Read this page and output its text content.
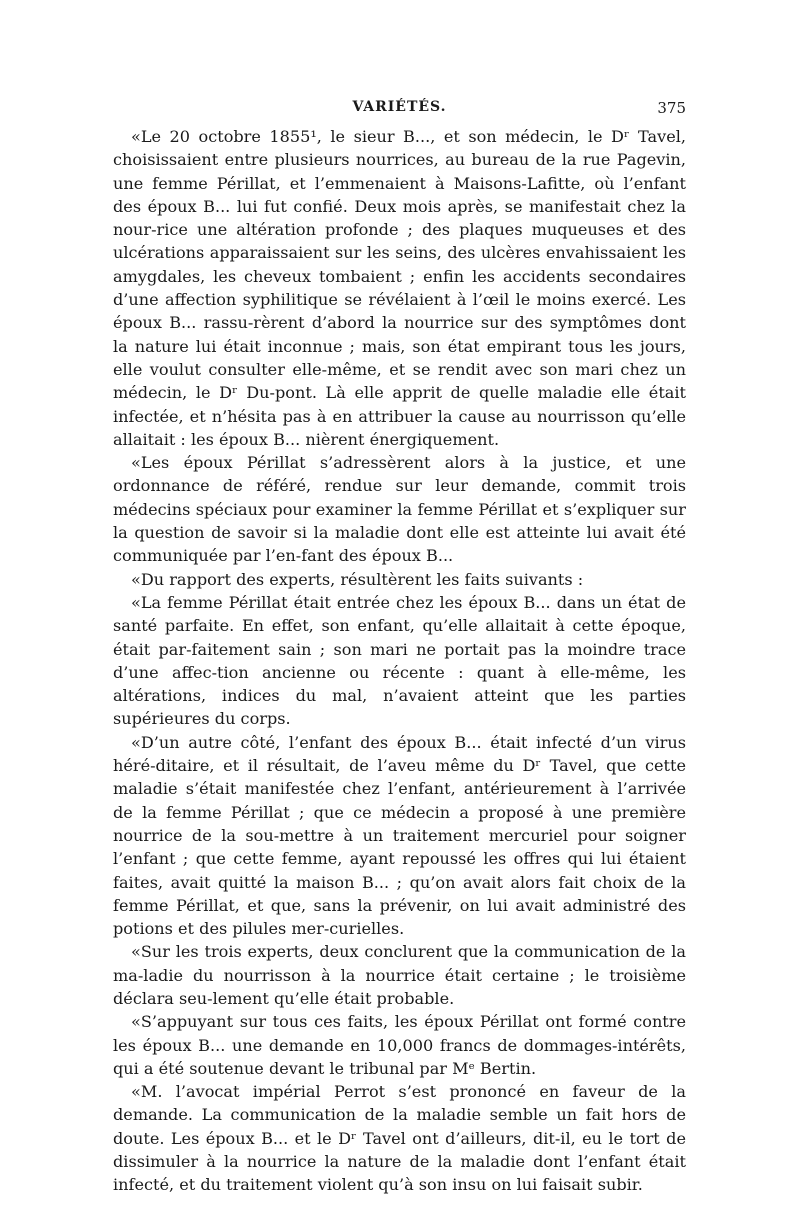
VARIÉTÉS.	375

«Le 20 octobre 1855¹, le sieur B..., et son médecin, le Dʳ Tavel, choisissaient entre plusieurs nourrices, au bureau de la rue Pagevin, une femme Périllat, et l’emmenaient à Maisons-Lafitte, où l’enfant des époux B... lui fut confié. Deux mois après, se manifestait chez la nour-rice une altération profonde ; des plaques muqueuses et des ulcérations apparaissaient sur les seins, des ulcères envahissaient les amygdales, les cheveux tombaient ; enfin les accidents secondaires d’une affection syphilitique se révélaient à l’œil le moins exercé. Les époux B... rassu-rèrent d’abord la nourrice sur des symptômes dont la nature lui était inconnue ; mais, son état empirant tous les jours, elle voulut consulter elle-même, et se rendit avec son mari chez un médecin, le Dʳ Du-pont. Là elle apprit de quelle maladie elle était infectée, et n’hésita pas à en attribuer la cause au nourrisson qu’elle allaitait : les époux B... nièrent énergiquement.

«Les époux Périllat s’adressèrent alors à la justice, et une ordonnance de référé, rendue sur leur demande, commit trois médecins spéciaux pour examiner la femme Périllat et s’expliquer sur la question de savoir si la maladie dont elle est atteinte lui avait été communiquée par l’en-fant des époux B...

«Du rapport des experts, résultèrent les faits suivants :

«La femme Périllat était entrée chez les époux B... dans un état de santé parfaite. En effet, son enfant, qu’elle allaitait à cette époque, était par-faitement sain ; son mari ne portait pas la moindre trace d’une affec-tion ancienne ou récente : quant à elle-même, les altérations, indices du mal, n’avaient atteint que les parties supérieures du corps.

«D’un autre côté, l’enfant des époux B... était infecté d’un virus héré-ditaire, et il résultait, de l’aveu même du Dʳ Tavel, que cette maladie s’était manifestée chez l’enfant, antérieurement à l’arrivée de la femme Périllat ; que ce médecin a proposé à une première nourrice de la sou-mettre à un traitement mercuriel pour soigner l’enfant ; que cette femme, ayant repoussé les offres qui lui étaient faites, avait quitté la maison B... ; qu’on avait alors fait choix de la femme Périllat, et que, sans la prévenir, on lui avait administré des potions et des pilules mer-curielles.

«Sur les trois experts, deux conclurent que la communication de la ma-ladie du nourrisson à la nourrice était certaine ; le troisième déclara seu-lement qu’elle était probable.

«S’appuyant sur tous ces faits, les époux Périllat ont formé contre les époux B... une demande en 10,000 francs de dommages-intérêts, qui a été soutenue devant le tribunal par Mᵉ Bertin.

«M. l’avocat impérial Perrot s’est prononcé en faveur de la demande. La communication de la maladie semble un fait hors de doute. Les époux B... et le Dʳ Tavel ont d’ailleurs, dit-il, eu le tort de dissimuler à la nourrice la nature de la maladie dont l’enfant était infecté, et du traitement violent qu’à son insu on lui faisait subir.
